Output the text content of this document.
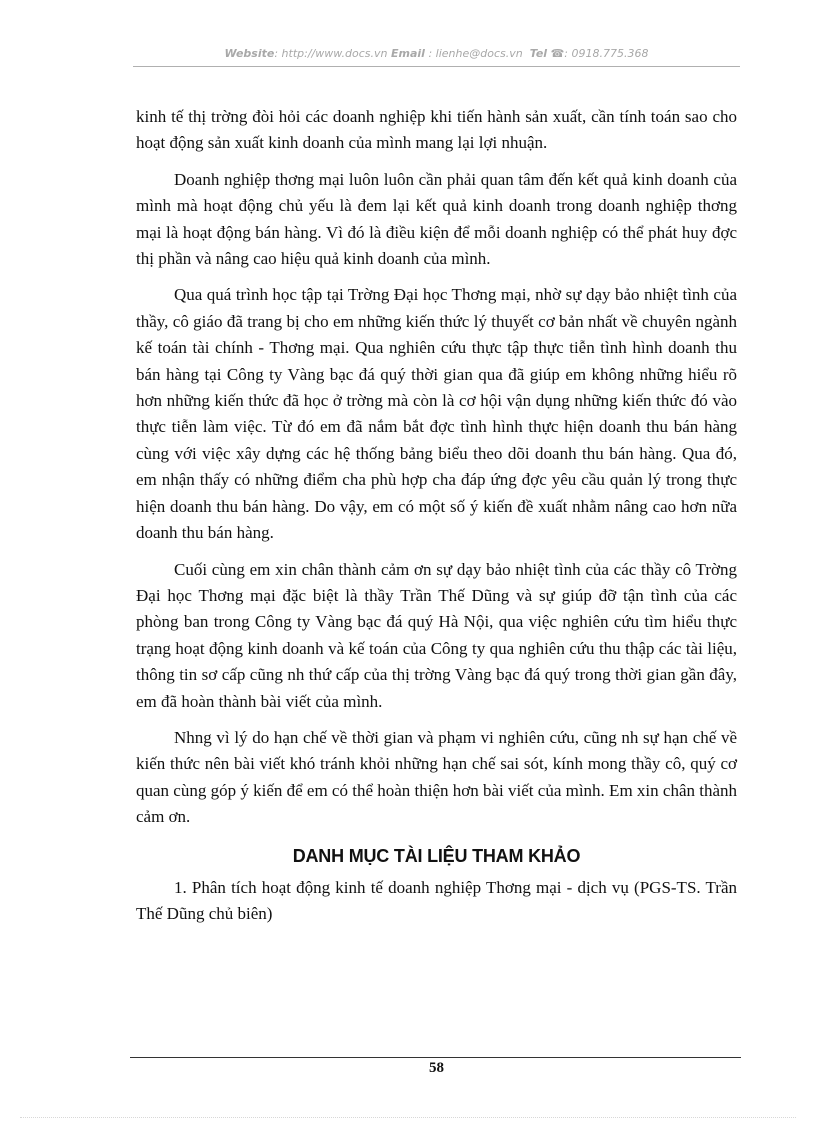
Website: http://www.docs.vn Email : lienhe@docs.vn Tel ☎: 0918.775.368

kinh tế thị trờng đòi hỏi các doanh nghiệp khi tiến hành sản xuất, cần tính toán sao cho hoạt động sản xuất kinh doanh của mình mang lại lợi nhuận.

Doanh nghiệp thơng mại luôn luôn cần phải quan tâm đến kết quả kinh doanh của mình mà hoạt động chủ yếu là đem lại kết quả kinh doanh trong doanh nghiệp thơng mại là hoạt động bán hàng. Vì đó là điều kiện để mỗi doanh nghiệp có thể phát huy đợc thị phần và nâng cao hiệu quả kinh doanh của mình.

Qua quá trình học tập tại Trờng Đại học Thơng mại, nhờ sự dạy bảo nhiệt tình của thầy, cô giáo đã trang bị cho em những kiến thức lý thuyết cơ bản nhất về chuyên ngành kế toán tài chính - Thơng mại. Qua nghiên cứu thực tập thực tiễn tình hình doanh thu bán hàng tại Công ty Vàng bạc đá quý thời gian qua đã giúp em không những hiểu rõ hơn những kiến thức đã học ở trờng mà còn là cơ hội vận dụng những kiến thức đó vào thực tiễn làm việc. Từ đó em đã nắm bắt đợc tình hình thực hiện doanh thu bán hàng cùng với việc xây dựng các hệ thống bảng biểu theo dõi doanh thu bán hàng. Qua đó, em nhận thấy có những điểm cha phù hợp cha đáp ứng đợc yêu cầu quản lý trong thực hiện doanh thu bán hàng. Do vậy, em có một số ý kiến đề xuất nhằm nâng cao hơn nữa doanh thu bán hàng.

Cuối cùng em xin chân thành cảm ơn sự dạy bảo nhiệt tình của các thầy cô Trờng Đại học Thơng mại đặc biệt là thầy Trần Thế Dũng và sự giúp đỡ tận tình của các phòng ban trong Công ty Vàng bạc đá quý Hà Nội, qua việc nghiên cứu tìm hiểu thực trạng hoạt động kinh doanh và kế toán của Công ty qua nghiên cứu thu thập các tài liệu, thông tin sơ cấp cũng nh thứ cấp của thị trờng Vàng bạc đá quý trong thời gian gần đây, em đã hoàn thành bài viết của mình.

Nhng vì lý do hạn chế về thời gian và phạm vi nghiên cứu, cũng nh sự hạn chế về kiến thức nên bài viết khó tránh khỏi những hạn chế sai sót, kính mong thầy cô, quý cơ quan cùng góp ý kiến để em có thể hoàn thiện hơn bài viết của mình. Em xin chân thành cảm ơn.

DANH MỤC TÀI LIỆU THAM KHẢO

1. Phân tích hoạt động kinh tế doanh nghiệp Thơng mại - dịch vụ (PGS-TS. Trần Thế Dũng chủ biên)

58
